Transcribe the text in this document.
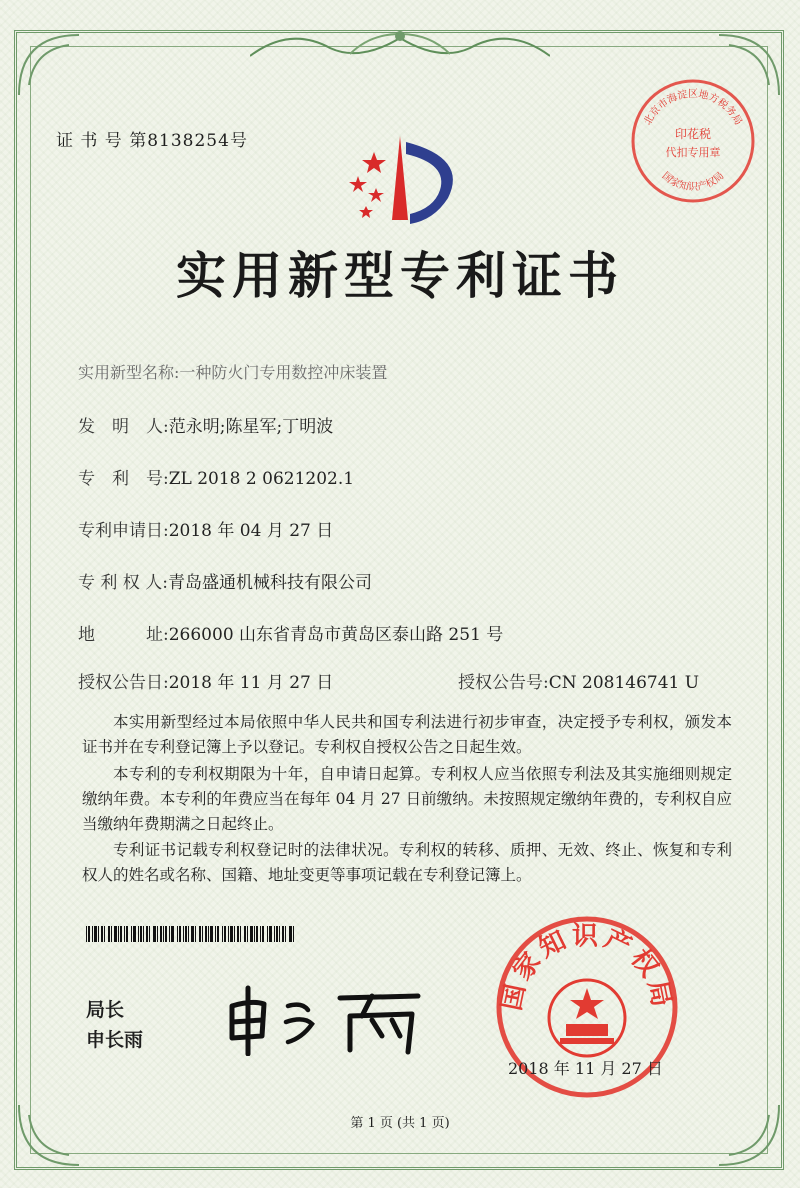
北京市海淀区地方税务局
印花税
代扣专用章
国家知识产权局
证 书 号 第8138254号
实用新型专利证书
实用新型名称:一种防火门专用数控冲床装置
发　明　人:范永明;陈星军;丁明波
专　利　号:ZL 2018 2 0621202.1
专利申请日:2018 年 04 月 27 日
专 利 权 人:青岛盛通机械科技有限公司
地　　　址:266000 山东省青岛市黄岛区泰山路 251 号
授权公告日:2018 年 11 月 27 日	授权公告号:CN 208146741 U
本实用新型经过本局依照中华人民共和国专利法进行初步审查，决定授予专利权，颁发本证书并在专利登记簿上予以登记。专利权自授权公告之日起生效。
本专利的专利权期限为十年，自申请日起算。专利权人应当依照专利法及其实施细则规定缴纳年费。本专利的年费应当在每年 04 月 27 日前缴纳。未按照规定缴纳年费的，专利权自应当缴纳年费期满之日起终止。
专利证书记载专利权登记时的法律状况。专利权的转移、质押、无效、终止、恢复和专利权人的姓名或名称、国籍、地址变更等事项记载在专利登记簿上。
局长
申长雨
国家知识产权局
2018 年 11 月 27 日
第 1 页 (共 1 页)
